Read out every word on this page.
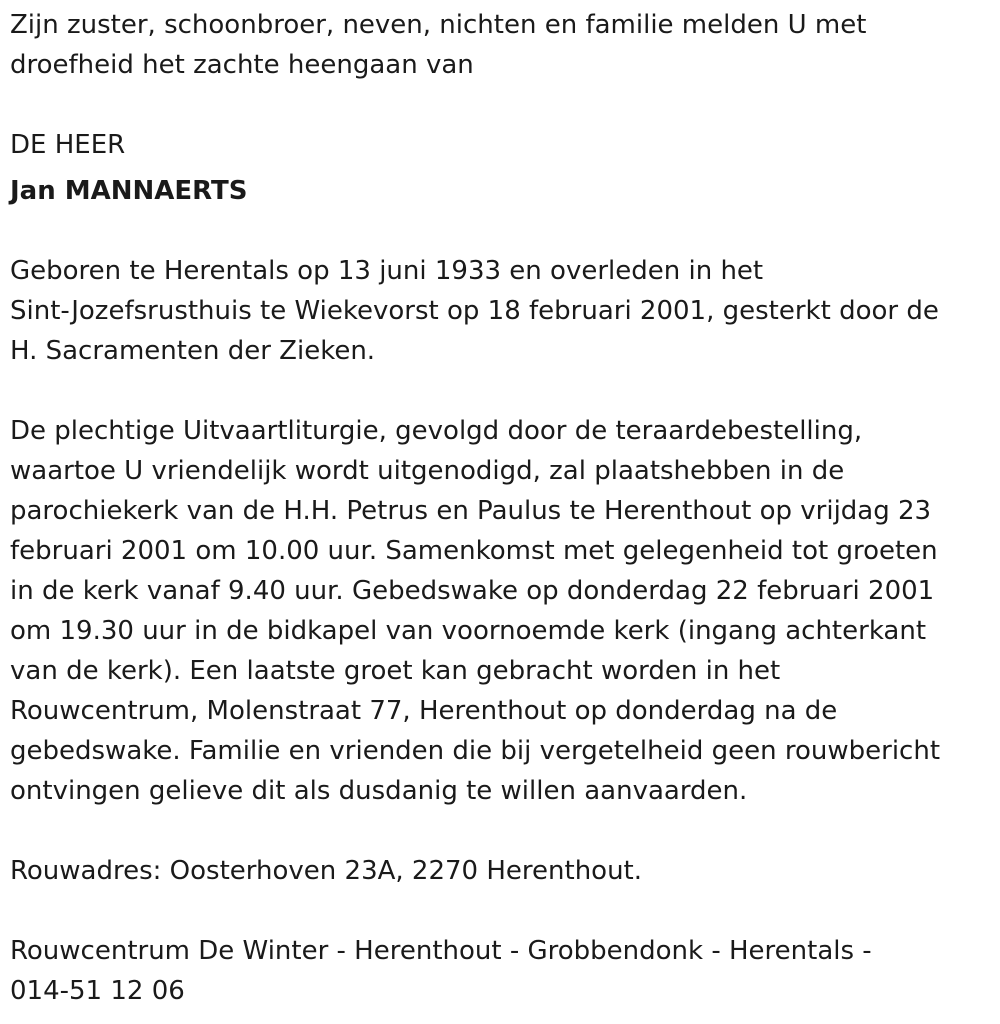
Zijn zuster, schoonbroer, neven, nichten en familie melden U met
droefheid het zachte heengaan van

DE HEER

Jan MANNAERTS

Geboren te Herentals op 13 juni 1933 en overleden in het
Sint-Jozefsrusthuis te Wiekevorst op 18 februari 2001, gesterkt door de
H. Sacramenten der Zieken.

De plechtige Uitvaartliturgie, gevolgd door de teraardebestelling,
waartoe U vriendelijk wordt uitgenodigd, zal plaatshebben in de
parochiekerk van de H.H. Petrus en Paulus te Herenthout op vrijdag 23
februari 2001 om 10.00 uur. Samenkomst met gelegenheid tot groeten
in de kerk vanaf 9.40 uur. Gebedswake op donderdag 22 februari 2001
om 19.30 uur in de bidkapel van voornoemde kerk (ingang achterkant
van de kerk). Een laatste groet kan gebracht worden in het
Rouwcentrum, Molenstraat 77, Herenthout op donderdag na de
gebedswake. Familie en vrienden die bij vergetelheid geen rouwbericht
ontvingen gelieve dit als dusdanig te willen aanvaarden.

Rouwadres: Oosterhoven 23A, 2270 Herenthout.

Rouwcentrum De Winter - Herenthout - Grobbendonk - Herentals -
014-51 12 06
